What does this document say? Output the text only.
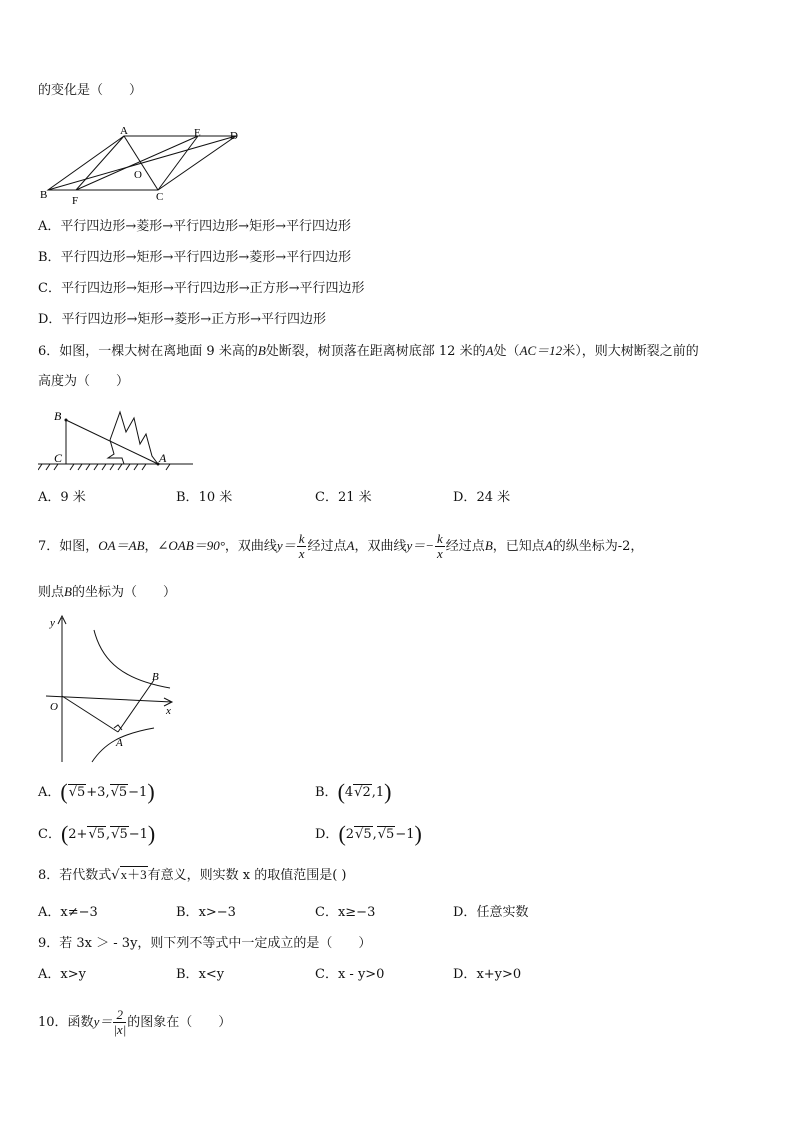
的变化是（　　）
A	E	D
O
B F	C
A．平行四边形→菱形→平行四边形→矩形→平行四边形
B．平行四边形→矩形→平行四边形→菱形→平行四边形
C．平行四边形→矩形→平行四边形→正方形→平行四边形
D．平行四边形→矩形→菱形→正方形→平行四边形
6．如图，一棵大树在离地面 9 米高的B处断裂，树顶落在距离树底部 12 米的A处（AC＝12米），则大树断裂之前的
高度为（　　）
B
C	A
A．9 米	B．10 米	C．21 米	D．24 米
7．如图，OA＝AB，∠OAB＝90°，双曲线$y= \frac{k}{x}$ 经过点A，双曲线$y=- \frac{k}{x}$ 经过点B，已知点A的纵坐标为-2，
则点B的坐标为（　　）
y
x
O
A
B
A．(√5+3,√5−1)	B．(4√2,1)
C．(2+√5,√5−1)	D．(2√5,√5−1)
8．若代数式√x＋3有意义，则实数 x 的取值范围是( )
A．x≠−3	B．x>−3	C．x≥−3	D．任意实数
9．若 3x ＞ - 3y，则下列不等式中一定成立的是（　　）
A．x>y	B．x<y	C．x - y>0	D．x+y>0
10．函数$y= \frac{2}{|x|}$ 的图象在（　　）
